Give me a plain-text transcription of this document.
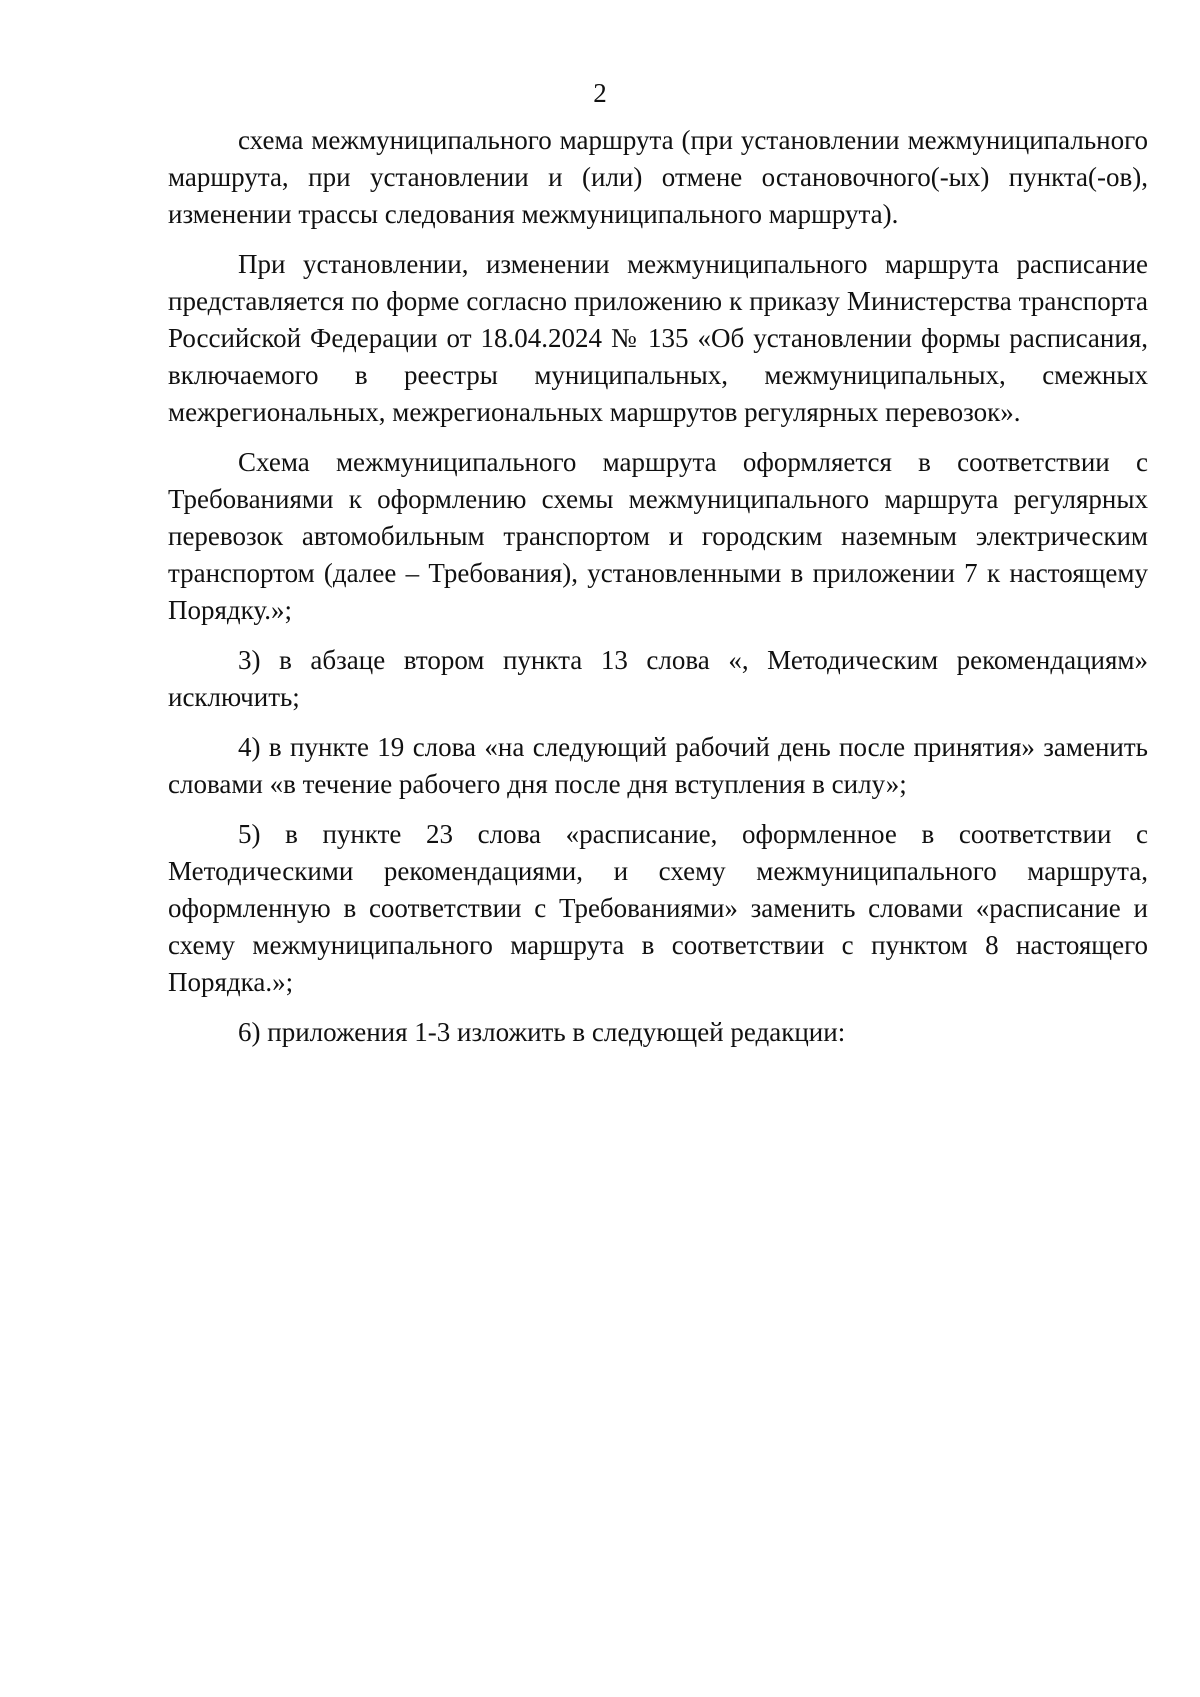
2

схема межмуниципального маршрута (при установлении межмуниципального маршрута, при установлении и (или) отмене остановочного(-ых) пункта(-ов), изменении трассы следования межмуниципального маршрута).

При установлении, изменении межмуниципального маршрута расписание представляется по форме согласно приложению к приказу Министерства транспорта Российской Федерации от 18.04.2024 № 135 «Об установлении формы расписания, включаемого в реестры муниципальных, межмуниципальных, смежных межрегиональных, межрегиональных маршрутов регулярных перевозок».

Схема межмуниципального маршрута оформляется в соответствии с Требованиями к оформлению схемы межмуниципального маршрута регулярных перевозок автомобильным транспортом и городским наземным электрическим транспортом (далее – Требования), установленными в приложении 7 к настоящему Порядку.»;

3) в абзаце втором пункта 13 слова «, Методическим рекомендациям» исключить;

4) в пункте 19 слова «на следующий рабочий день после принятия» заменить словами «в течение рабочего дня после дня вступления в силу»;

5) в пункте 23 слова «расписание, оформленное в соответствии с Методическими рекомендациями, и схему межмуниципального маршрута, оформленную в соответствии с Требованиями» заменить словами «расписание и схему межмуниципального маршрута в соответствии с пунктом 8 настоящего Порядка.»;

6) приложения 1-3 изложить в следующей редакции:
